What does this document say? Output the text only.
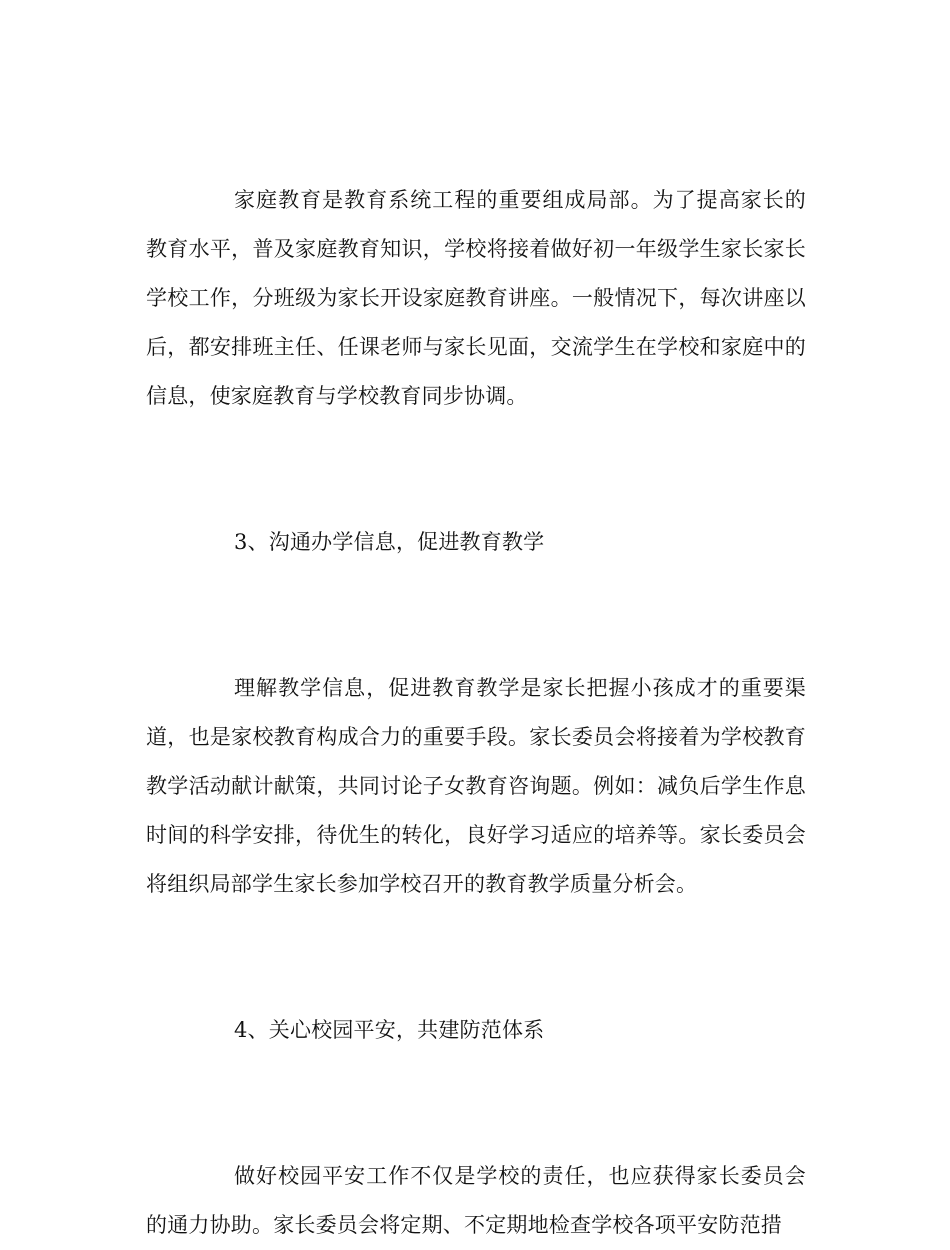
家庭教育是教育系统工程的重要组成局部。为了提高家长的教育水平，普及家庭教育知识，学校将接着做好初一年级学生家长家长学校工作，分班级为家长开设家庭教育讲座。一般情况下，每次讲座以后，都安排班主任、任课老师与家长见面，交流学生在学校和家庭中的信息，使家庭教育与学校教育同步协调。

3、沟通办学信息，促进教育教学

理解教学信息，促进教育教学是家长把握小孩成才的重要渠道，也是家校教育构成合力的重要手段。家长委员会将接着为学校教育教学活动献计献策，共同讨论子女教育咨询题。例如：减负后学生作息时间的科学安排，待优生的转化，良好学习适应的培养等。家长委员会将组织局部学生家长参加学校召开的教育教学质量分析会。

4、关心校园平安，共建防范体系

做好校园平安工作不仅是学校的责任，也应获得家长委员会的通力协助。家长委员会将定期、不定期地检查学校各项平安防范措
